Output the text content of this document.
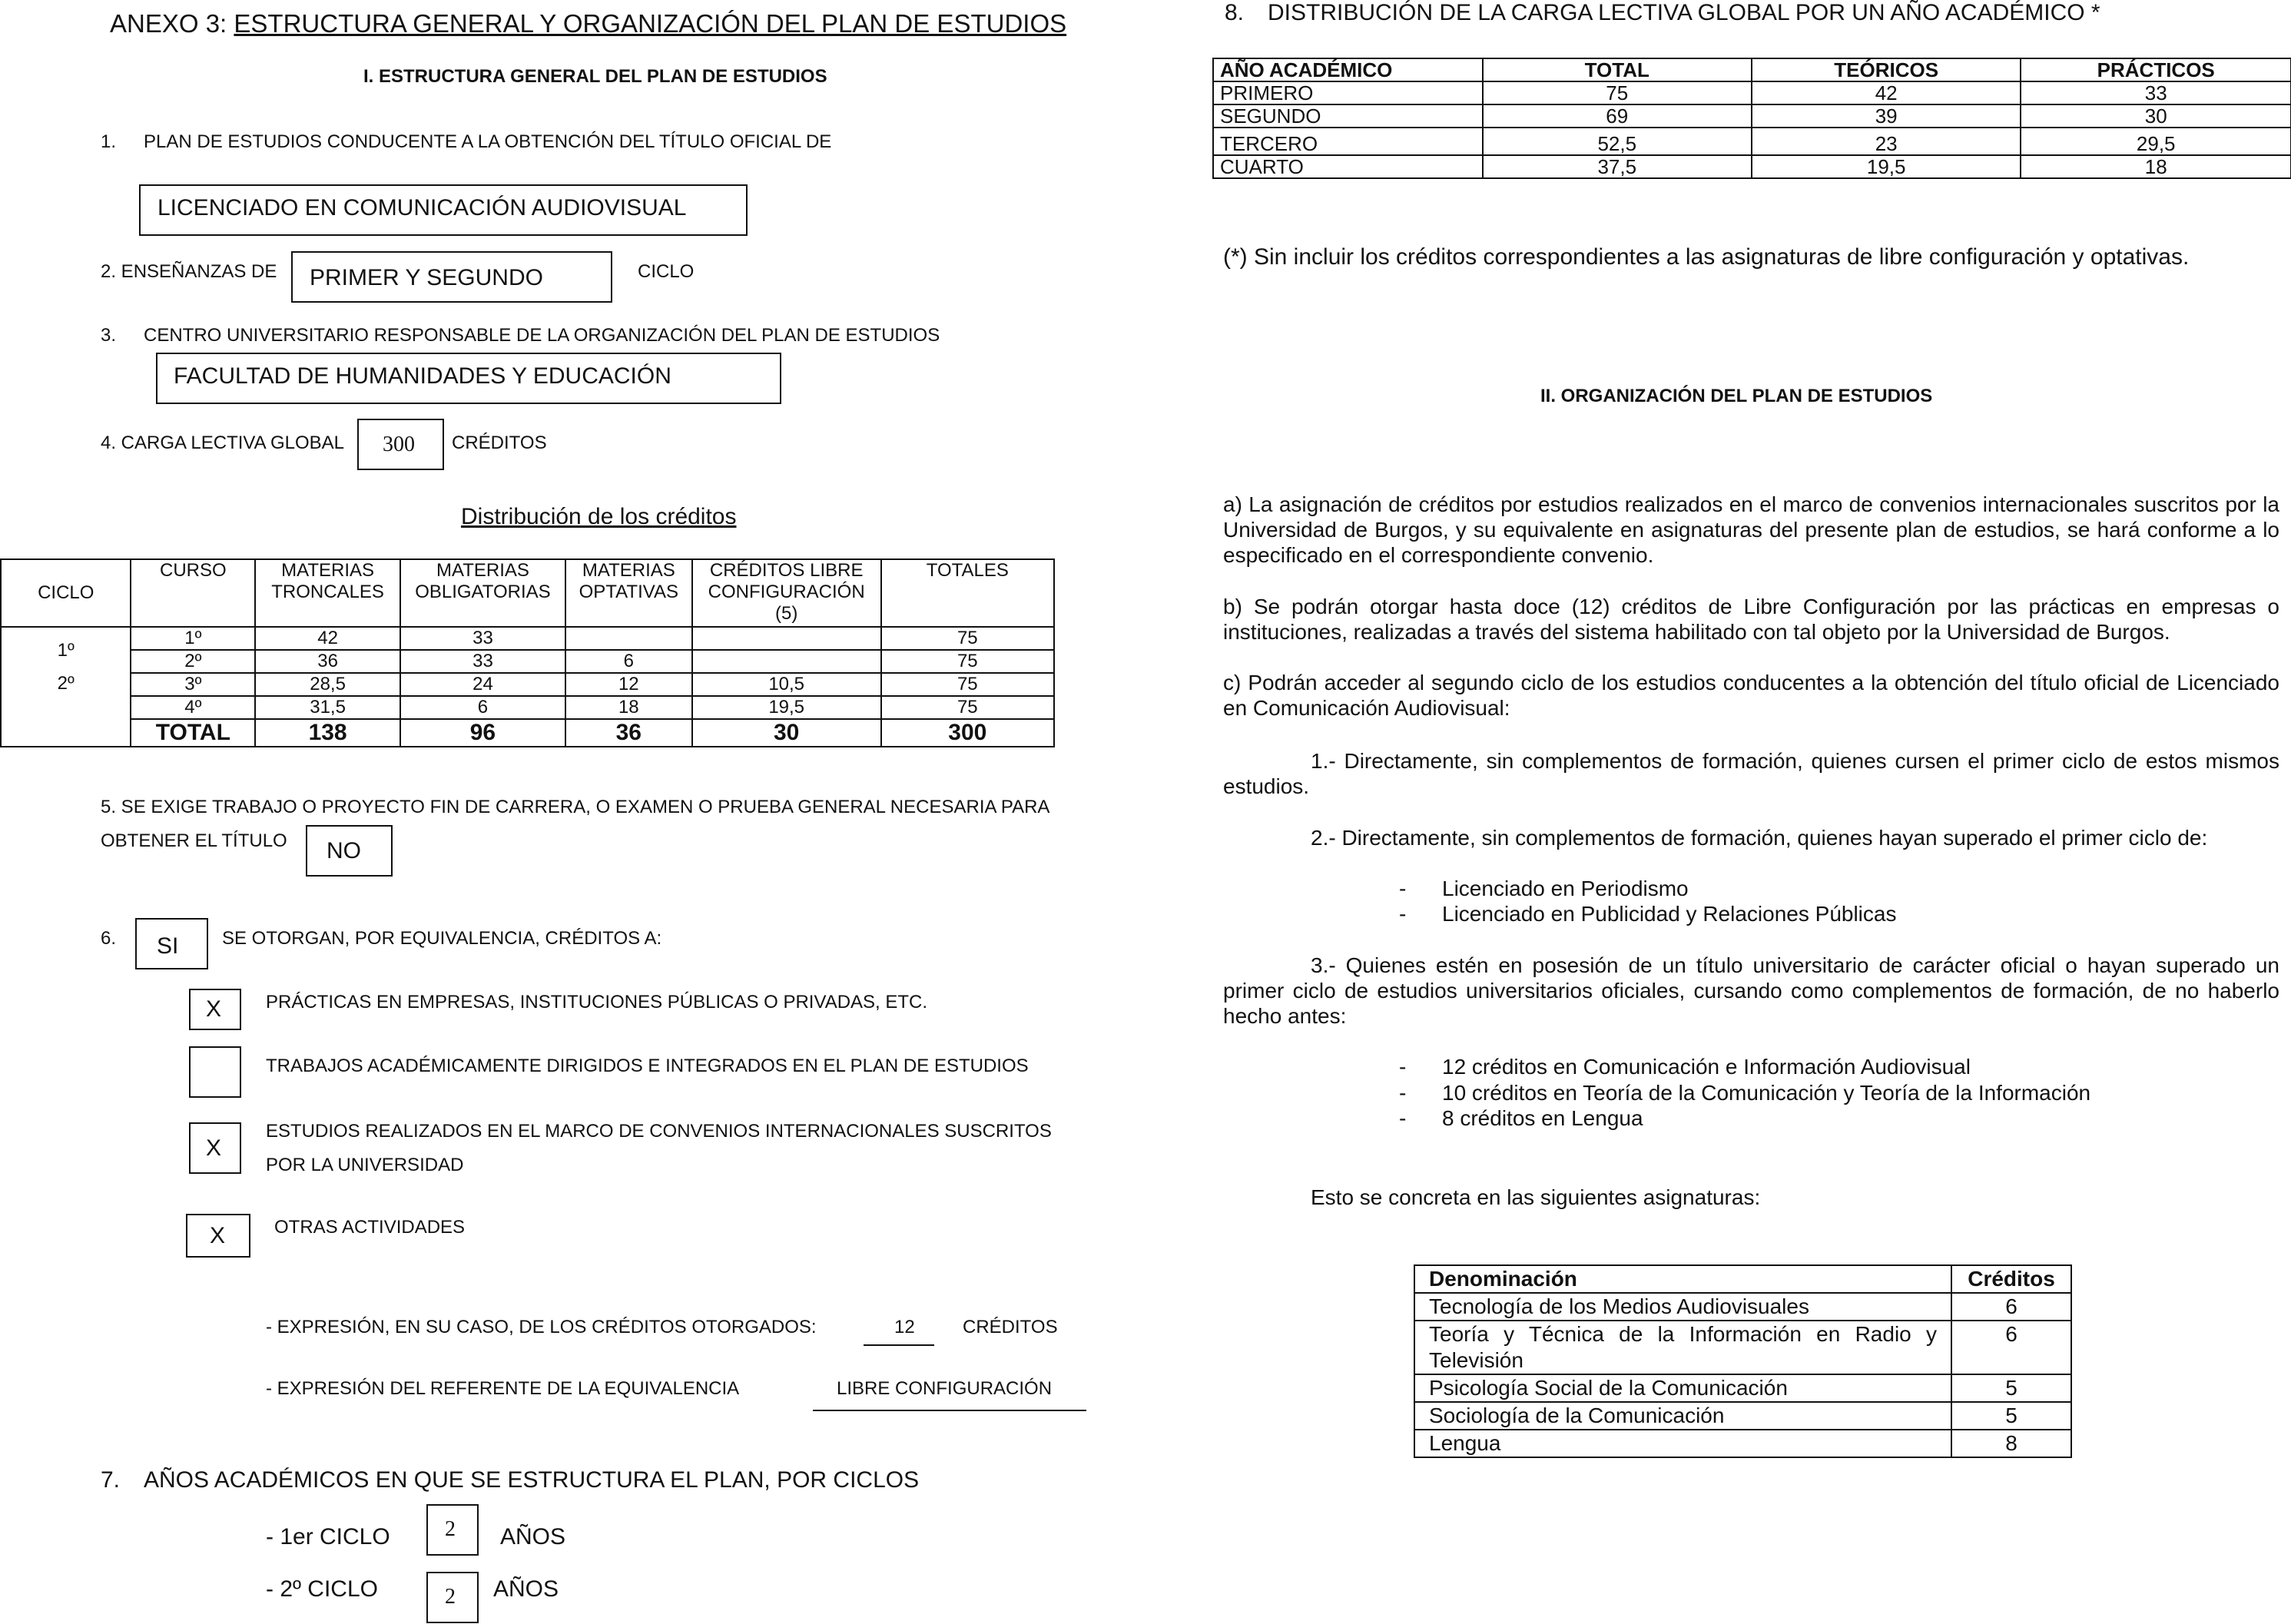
ANEXO 3: ESTRUCTURA GENERAL Y ORGANIZACIÓN DEL PLAN DE ESTUDIOS
I. ESTRUCTURA GENERAL DEL PLAN DE ESTUDIOS
1. PLAN DE ESTUDIOS CONDUCENTE A LA OBTENCIÓN DEL TÍTULO OFICIAL DE
LICENCIADO EN COMUNICACIÓN AUDIOVISUAL
2. ENSEÑANZAS DE PRIMER Y SEGUNDO	CICLO
3. CENTRO UNIVERSITARIO RESPONSABLE DE LA ORGANIZACIÓN DEL PLAN DE ESTUDIOS
FACULTAD DE HUMANIDADES Y EDUCACIÓN
4. CARGA LECTIVA GLOBAL 300 CRÉDITOS
Distribución de los créditos
CICLO	CURSO	MATERIAS TRONCALES	MATERIAS OBLIGATORIAS	MATERIAS OPTATIVAS	CRÉDITOS LIBRE CONFIGURACIÓN (5)	TOTALES
1º	1º	42	33			75
	2º	36	33	6		75
2º	3º	28,5	24	12	10,5	75
	4º	31,5	6	18	19,5	75
	TOTAL	138	96	36	30	300
5. SE EXIGE TRABAJO O PROYECTO FIN DE CARRERA, O EXAMEN O PRUEBA GENERAL NECESARIA PARA
OBTENER EL TÍTULO NO
6. SI SE OTORGAN, POR EQUIVALENCIA, CRÉDITOS A:
X PRÁCTICAS EN EMPRESAS, INSTITUCIONES PÚBLICAS O PRIVADAS, ETC.
TRABAJOS ACADÉMICAMENTE DIRIGIDOS E INTEGRADOS EN EL PLAN DE ESTUDIOS
X
ESTUDIOS REALIZADOS EN EL MARCO DE CONVENIOS INTERNACIONALES SUSCRITOS
POR LA UNIVERSIDAD
X	OTRAS ACTIVIDADES
- EXPRESIÓN, EN SU CASO, DE LOS CRÉDITOS OTORGADOS:	12	CRÉDITOS
- EXPRESIÓN DEL REFERENTE DE LA EQUIVALENCIA	LIBRE CONFIGURACIÓN
7. AÑOS ACADÉMICOS EN QUE SE ESTRUCTURA EL PLAN, POR CICLOS
- 1er CICLO	2 AÑOS
- 2º CICLO	2 AÑOS
8. DISTRIBUCIÓN DE LA CARGA LECTIVA GLOBAL POR UN AÑO ACADÉMICO *
AÑO ACADÉMICO	TOTAL	TEÓRICOS	PRÁCTICOS
PRIMERO	75	42	33
SEGUNDO	69	39	30
TERCERO	52,5	23	29,5
CUARTO	37,5	19,5	18
(*) Sin incluir los créditos correspondientes a las asignaturas de libre configuración y optativas.
II. ORGANIZACIÓN DEL PLAN DE ESTUDIOS
a) La asignación de créditos por estudios realizados en el marco de convenios internacionales suscritos por la Universidad de Burgos, y su equivalente en asignaturas del presente plan de estudios, se hará conforme a lo especificado en el correspondiente convenio.
b) Se podrán otorgar hasta doce (12) créditos de Libre Configuración por las prácticas en empresas o instituciones, realizadas a través del sistema habilitado con tal objeto por la Universidad de Burgos.
c) Podrán acceder al segundo ciclo de los estudios conducentes a la obtención del título oficial de Licenciado en Comunicación Audiovisual:
1.- Directamente, sin complementos de formación, quienes cursen el primer ciclo de estos mismos estudios.
2.- Directamente, sin complementos de formación, quienes hayan superado el primer ciclo de:
- Licenciado en Periodismo
- Licenciado en Publicidad y Relaciones Públicas
3.- Quienes estén en posesión de un título universitario de carácter oficial o hayan superado un primer ciclo de estudios universitarios oficiales, cursando como complementos de formación, de no haberlo hecho antes:
- 12 créditos en Comunicación e Información Audiovisual
- 10 créditos en Teoría de la Comunicación y Teoría de la Información
- 8 créditos en Lengua
Esto se concreta en las siguientes asignaturas:
Denominación	Créditos
Tecnología de los Medios Audiovisuales	6
Teoría y Técnica de la Información en Radio y Televisión	6
Psicología Social de la Comunicación	5
Sociología de la Comunicación	5
Lengua	8
